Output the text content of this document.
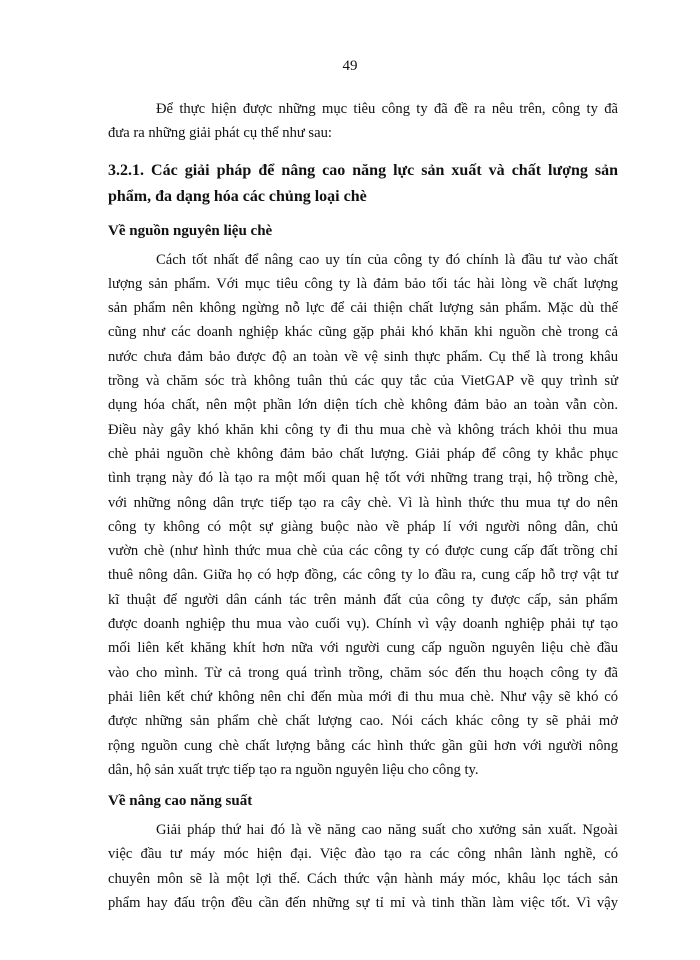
49

Để thực hiện được những mục tiêu công ty đã đề ra nêu trên, công ty đã
đưa ra những giải phát cụ thể như sau:

3.2.1. Các giải pháp để nâng cao năng lực sản xuất và chất lượng sản
phẩm, đa dạng hóa các chủng loại chè
Về nguồn nguyên liệu chè

Cách tốt nhất để nâng cao uy tín của công ty đó chính là đầu tư vào chất
lượng sản phẩm. Với mục tiêu công ty là đảm bảo tối tác hài lòng về chất lượng
sản phẩm nên không ngừng nỗ lực để cải thiện chất lượng sản phẩm. Mặc dù thế
cũng như các doanh nghiệp khác cũng gặp phải khó khăn khi nguồn chè trong cả
nước chưa đảm bảo được độ an toàn về vệ sinh thực phẩm. Cụ thể là trong khâu
trồng và chăm sóc trà không tuân thủ các quy tắc của VietGAP về quy trình sử
dụng hóa chất, nên một phần lớn diện tích chè không đảm bảo an toàn vẫn còn.
Điều này gây khó khăn khi công ty đi thu mua chè và không trách khỏi thu mua
chè phải nguồn chè không đảm bảo chất lượng. Giải pháp để công ty khắc phục
tình trạng này đó là tạo ra một mối quan hệ tốt với những trang trại, hộ trồng chè,
với những nông dân trực tiếp tạo ra cây chè. Vì là hình thức thu mua tự do nên
công ty không có một sự giàng buộc nào về pháp lí với người nông dân, chủ
vườn chè (như hình thức mua chè của các công ty có được cung cấp đất trồng chỉ
thuê nông dân. Giữa họ có hợp đồng, các công ty lo đầu ra, cung cấp hỗ trợ vật tư
kĩ thuật để người dân cánh tác trên mảnh đất của công ty được cấp, sản phẩm
được doanh nghiệp thu mua vào cuối vụ). Chính vì vậy doanh nghiệp phải tự tạo
mối liên kết khăng khít hơn nữa với người cung cấp nguồn nguyên liệu chè đầu
vào cho mình. Từ cả trong quá trình trồng, chăm sóc đến thu hoạch công ty đã
phải liên kết chứ không nên chỉ đến mùa mới đi thu mua chè. Như vậy sẽ khó có
được những sản phẩm chè chất lượng cao. Nói cách khác công ty sẽ phải mở
rộng nguồn cung chè chất lượng bằng các hình thức gần gũi hơn với người nông
dân, hộ sản xuất trực tiếp tạo ra nguồn nguyên liệu cho công ty.

Về nâng cao năng suất

Giải pháp thứ hai đó là về năng cao năng suất cho xưởng sản xuất. Ngoài
việc đầu tư máy móc hiện đại. Việc đào tạo ra các công nhân lành nghề, có
chuyên môn sẽ là một lợi thế. Cách thức vận hành máy móc, khâu lọc tách sản
phẩm hay đấu trộn đều cần đến những sự tỉ mỉ và tinh thần làm việc tốt. Vì vậy
